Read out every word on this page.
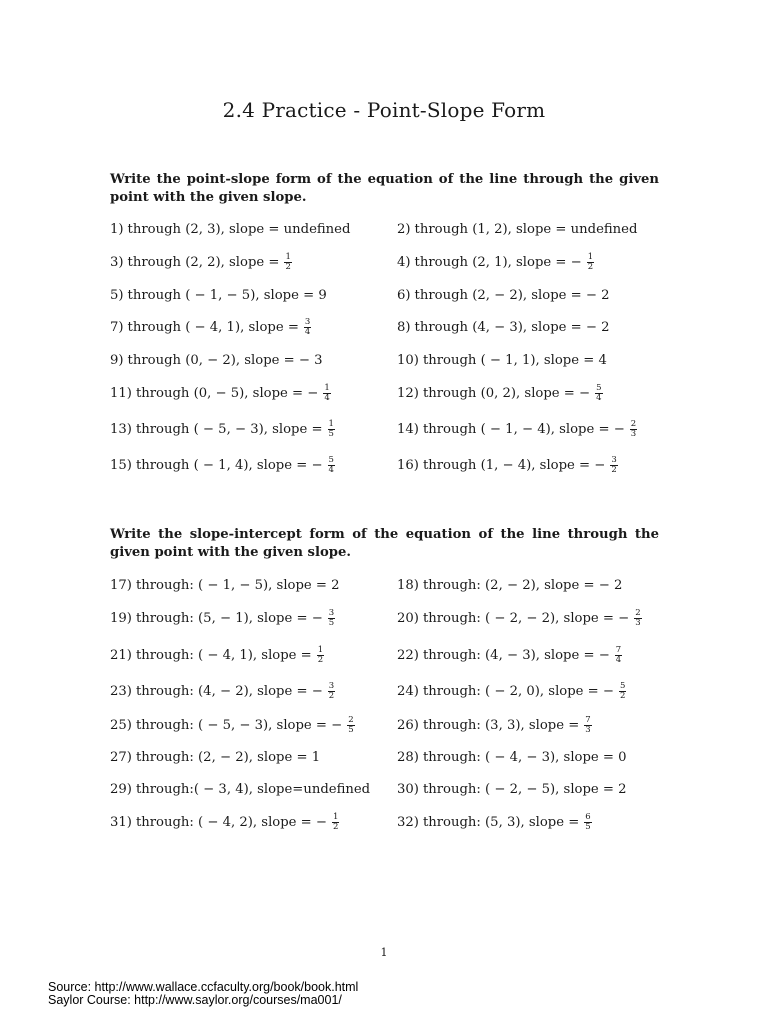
2.4 Practice - Point-Slope Form
Write the point-slope form of the equation of the line through the given point with the given slope.
1) through (2, 3), slope = undefined	2) through (1, 2), slope = undefined
3) through (2, 2), slope = $\frac{1}{2}$	4) through (2, 1), slope = − $\frac{1}{2}$
5) through ( − 1, − 5), slope = 9	6) through (2, − 2), slope = − 2
7) through ( − 4, 1), slope = $\frac{3}{4}$	8) through (4, − 3), slope = − 2
9) through (0, − 2), slope = − 3	10) through ( − 1, 1), slope = 4
11) through (0, − 5), slope = − $\frac{1}{4}$	12) through (0, 2), slope = − $\frac{5}{4}$
13) through ( − 5, − 3), slope = $\frac{1}{5}$	14) through ( − 1, − 4), slope = − $\frac{2}{3}$
15) through ( − 1, 4), slope = − $\frac{5}{4}$	16) through (1, − 4), slope = − $\frac{3}{2}$
Write the slope-intercept form of the equation of the line through the given point with the given slope.
17) through: ( − 1, − 5), slope = 2	18) through: (2, − 2), slope = − 2
19) through: (5, − 1), slope = − $\frac{3}{5}$	20) through: ( − 2, − 2), slope = − $\frac{2}{3}$
21) through: ( − 4, 1), slope = $\frac{1}{2}$	22) through: (4, − 3), slope = − $\frac{7}{4}$
23) through: (4, − 2), slope = − $\frac{3}{2}$	24) through: ( − 2, 0), slope = − $\frac{5}{2}$
25) through: ( − 5, − 3), slope = − $\frac{2}{5}$	26) through: (3, 3), slope = $\frac{7}{3}$
27) through: (2, − 2), slope = 1	28) through: ( − 4, − 3), slope = 0
29) through:( − 3, 4), slope=undefined 30) through: ( − 2, − 5), slope = 2
31) through: ( − 4, 2), slope = − $\frac{1}{2}$	32) through: (5, 3), slope = $\frac{6}{5}$
1
Source: http://www.wallace.ccfaculty.org/book/book.html
Saylor Course: http://www.saylor.org/courses/ma001/
